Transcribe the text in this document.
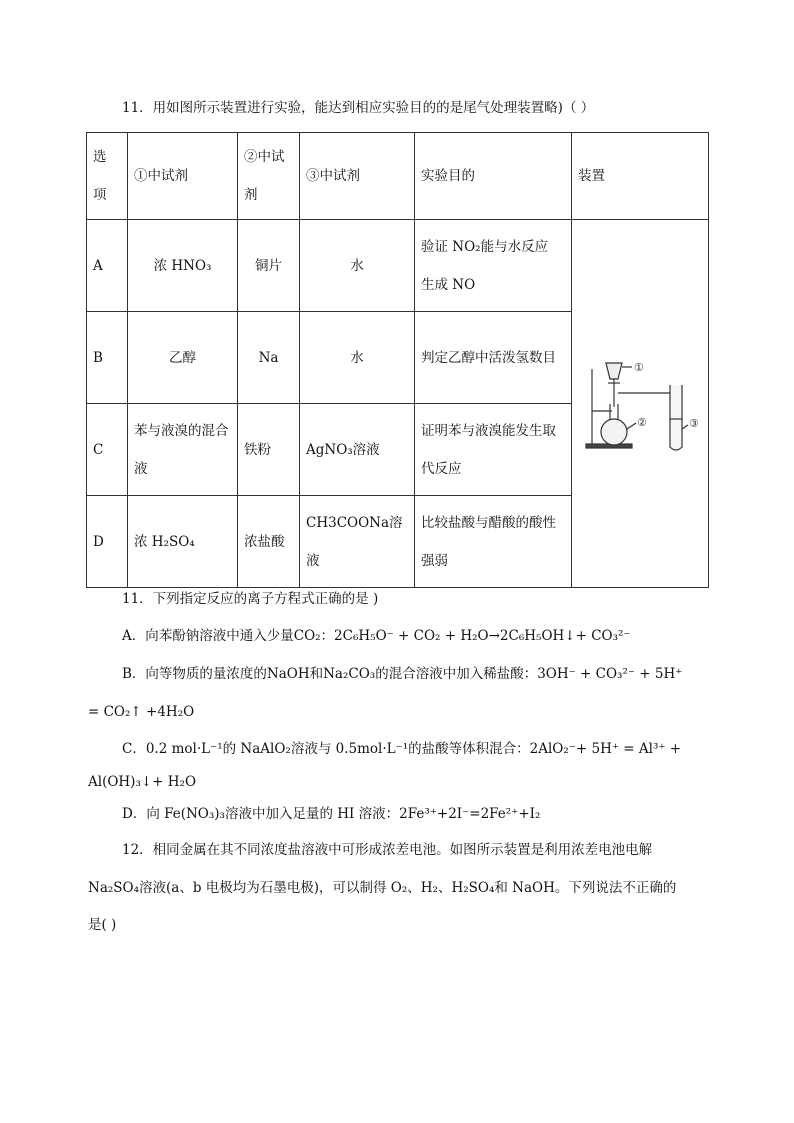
11．用如图所示装置进行实验，能达到相应实验目的的是尾气处理装置略)（ ）
选项	①中试剂	②中试剂	③中试剂	实验目的	装置
A	浓 HNO₃	铜片	水	验证 NO₂能与水反应生成 NO	①
② ③

B	乙醇	Na	水	判定乙醇中活泼氢数目	

C	苯与液溴的混合液	铁粉	AgNO₃溶液	证明苯与液溴能发生取代反应	

D	浓 H₂SO₄	浓盐酸	CH3COONa溶液	比较盐酸与醋酸的酸性强弱	
11．下列指定反应的离子方程式正确的是 )
A．向苯酚钠溶液中通入少量CO₂：2C₆H₅O⁻ + CO₂ + H₂O→2C₆H₅OH↓+ CO₃²⁻
B．向等物质的量浓度的NaOH和Na₂CO₃的混合溶液中加入稀盐酸：3OH⁻ + CO₃²⁻ + 5H⁺
= CO₂↑ +4H₂O
C．0.2 mol·L⁻¹的 NaAlO₂溶液与 0.5mol·L⁻¹的盐酸等体积混合：2AlO₂⁻+ 5H⁺ = Al³⁺ +
Al(OH)₃↓+ H₂O
D．向 Fe(NO₃)₃溶液中加入足量的 HI 溶液：2Fe³⁺+2I⁻=2Fe²⁺+I₂
12．相同金属在其不同浓度盐溶液中可形成浓差电池。如图所示装置是利用浓差电池电解
Na₂SO₄溶液(a、b 电极均为石墨电极)，可以制得 O₂、H₂、H₂SO₄和 NaOH。下列说法不正确的
是( )
